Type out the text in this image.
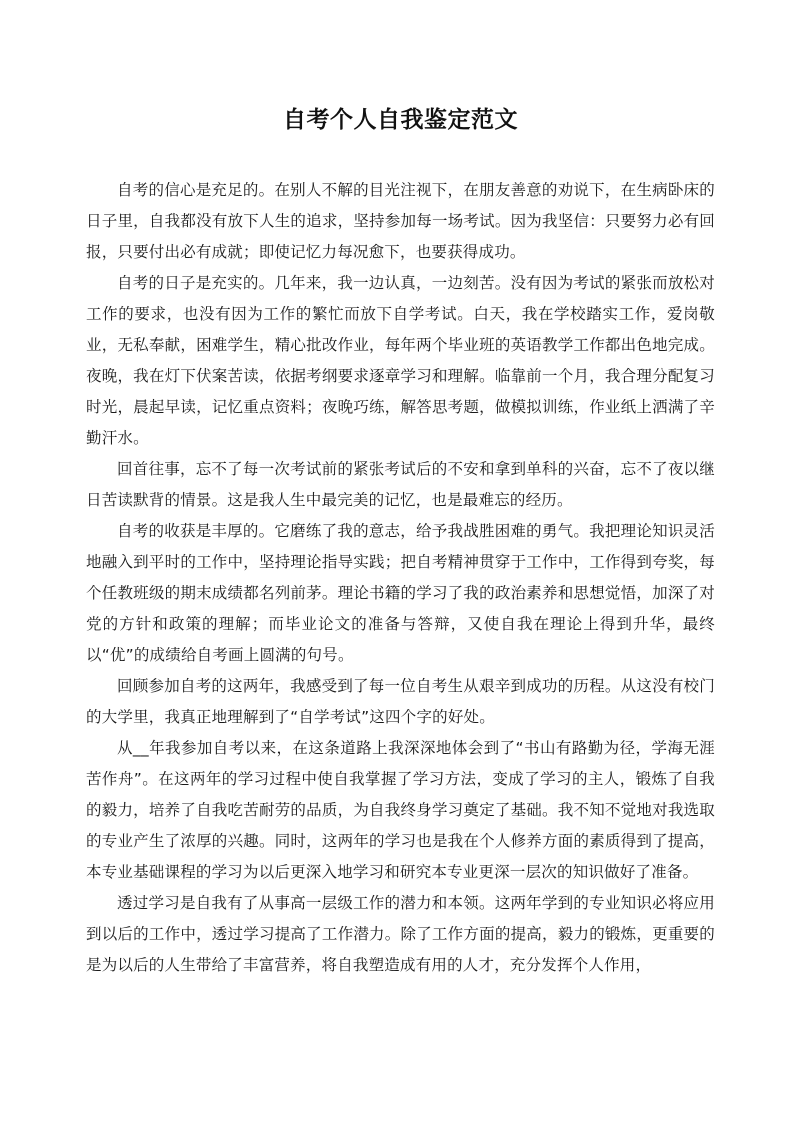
自考个人自我鉴定范文

自考的信心是充足的。在别人不解的目光注视下，在朋友善意的劝说下，在生病卧床的日子里，自我都没有放下人生的追求，坚持参加每一场考试。因为我坚信：只要努力必有回报，只要付出必有成就；即使记忆力每况愈下，也要获得成功。

自考的日子是充实的。几年来，我一边认真，一边刻苦。没有因为考试的紧张而放松对工作的要求，也没有因为工作的繁忙而放下自学考试。白天，我在学校踏实工作，爱岗敬业，无私奉献，困难学生，精心批改作业，每年两个毕业班的英语教学工作都出色地完成。夜晚，我在灯下伏案苦读，依据考纲要求逐章学习和理解。临靠前一个月，我合理分配复习时光，晨起早读，记忆重点资料；夜晚巧练，解答思考题，做模拟训练，作业纸上洒满了辛勤汗水。

回首往事，忘不了每一次考试前的紧张考试后的不安和拿到单科的兴奋，忘不了夜以继日苦读默背的情景。这是我人生中最完美的记忆，也是最难忘的经历。

自考的收获是丰厚的。它磨练了我的意志，给予我战胜困难的勇气。我把理论知识灵活地融入到平时的工作中，坚持理论指导实践；把自考精神贯穿于工作中，工作得到夸奖，每个任教班级的期末成绩都名列前茅。理论书籍的学习了我的政治素养和思想觉悟，加深了对党的方针和政策的理解；而毕业论文的准备与答辩，又使自我在理论上得到升华，最终以“优”的成绩给自考画上圆满的句号。

回顾参加自考的这两年，我感受到了每一位自考生从艰辛到成功的历程。从这没有校门的大学里，我真正地理解到了“自学考试”这四个字的好处。

从__年我参加自考以来，在这条道路上我深深地体会到了“书山有路勤为径，学海无涯苦作舟”。在这两年的学习过程中使自我掌握了学习方法，变成了学习的主人，锻炼了自我的毅力，培养了自我吃苦耐劳的品质，为自我终身学习奠定了基础。我不知不觉地对我选取的专业产生了浓厚的兴趣。同时，这两年的学习也是我在个人修养方面的素质得到了提高，本专业基础课程的学习为以后更深入地学习和研究本专业更深一层次的知识做好了准备。

透过学习是自我有了从事高一层级工作的潜力和本领。这两年学到的专业知识必将应用到以后的工作中，透过学习提高了工作潜力。除了工作方面的提高，毅力的锻炼，更重要的是为以后的人生带给了丰富营养，将自我塑造成有用的人才，充分发挥个人作用，
